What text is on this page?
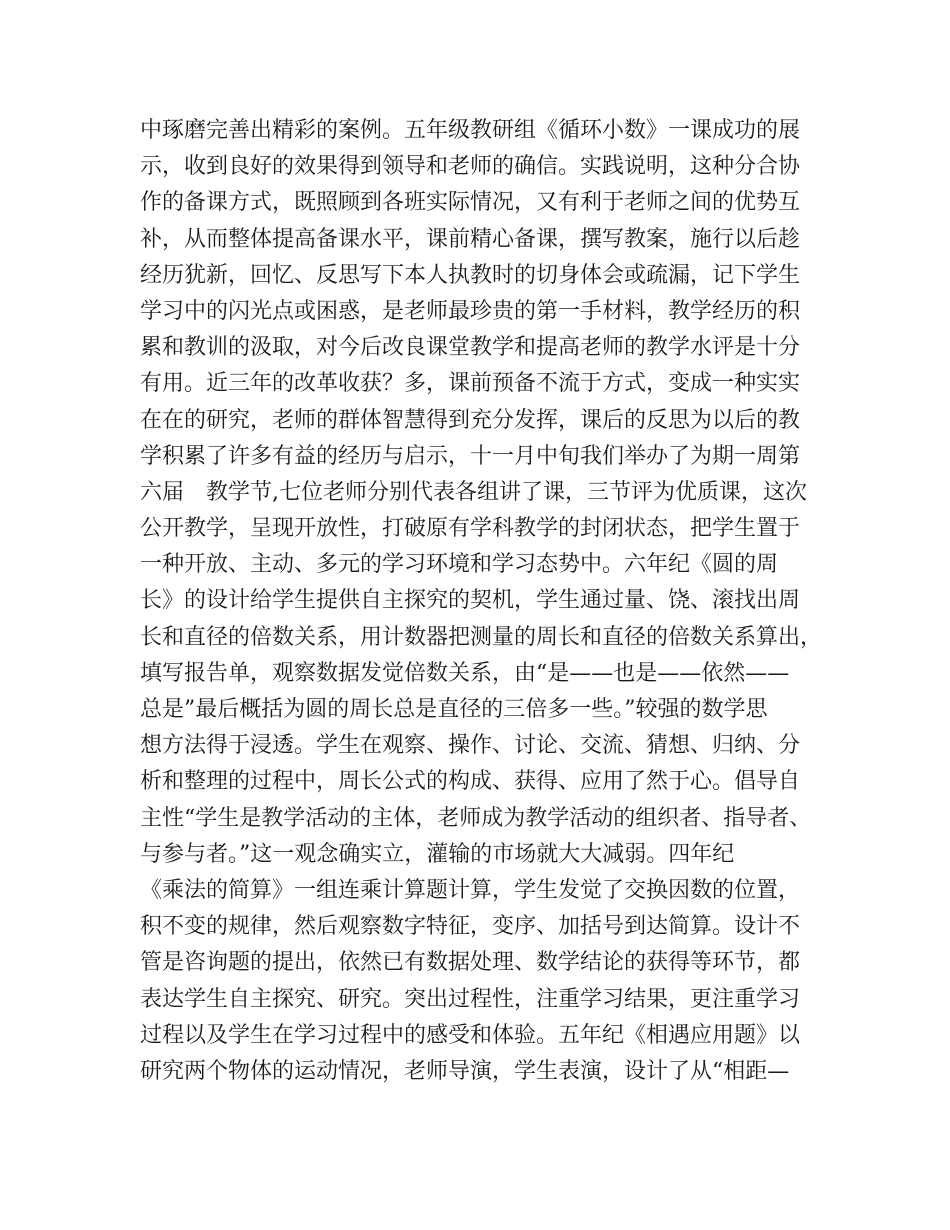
中琢磨完善出精彩的案例。五年级教研组《循环小数》一课成功的展
示，收到良好的效果得到领导和老师的确信。实践说明，这种分合协
作的备课方式，既照顾到各班实际情况，又有利于老师之间的优势互
补，从而整体提高备课水平，课前精心备课，撰写教案，施行以后趁
经历犹新，回忆、反思写下本人执教时的切身体会或疏漏，记下学生
学习中的闪光点或困惑，是老师最珍贵的第一手材料，教学经历的积
累和教训的汲取，对今后改良课堂教学和提高老师的教学水评是十分
有用。近三年的改革收获？多，课前预备不流于方式，变成一种实实
在在的研究，老师的群体智慧得到充分发挥，课后的反思为以后的教
学积累了许多有益的经历与启示，十一月中旬我们举办了为期一周第
六届　教学节,七位老师分别代表各组讲了课，三节评为优质课，这次
公开教学，呈现开放性，打破原有学科教学的封闭状态，把学生置于
一种开放、主动、多元的学习环境和学习态势中。六年纪《圆的周
长》的设计给学生提供自主探究的契机，学生通过量、饶、滚找出周
长和直径的倍数关系，用计数器把测量的周长和直径的倍数关系算出，
填写报告单，观察数据发觉倍数关系，由“是——也是——依然——
总是”最后概括为圆的周长总是直径的三倍多一些。”较强的数学思
想方法得于浸透。学生在观察、操作、讨论、交流、猜想、归纳、分
析和整理的过程中，周长公式的构成、获得、应用了然于心。倡导自
主性“学生是教学活动的主体，老师成为教学活动的组织者、指导者、
与参与者。”这一观念确实立，灌输的市场就大大减弱。四年纪
《乘法的简算》一组连乘计算题计算，学生发觉了交换因数的位置，
积不变的规律，然后观察数字特征，变序、加括号到达简算。设计不
管是咨询题的提出，依然已有数据处理、数学结论的获得等环节，都
表达学生自主探究、研究。突出过程性，注重学习结果，更注重学习
过程以及学生在学习过程中的感受和体验。五年纪《相遇应用题》以
研究两个物体的运动情况，老师导演，学生表演，设计了从“相距—
